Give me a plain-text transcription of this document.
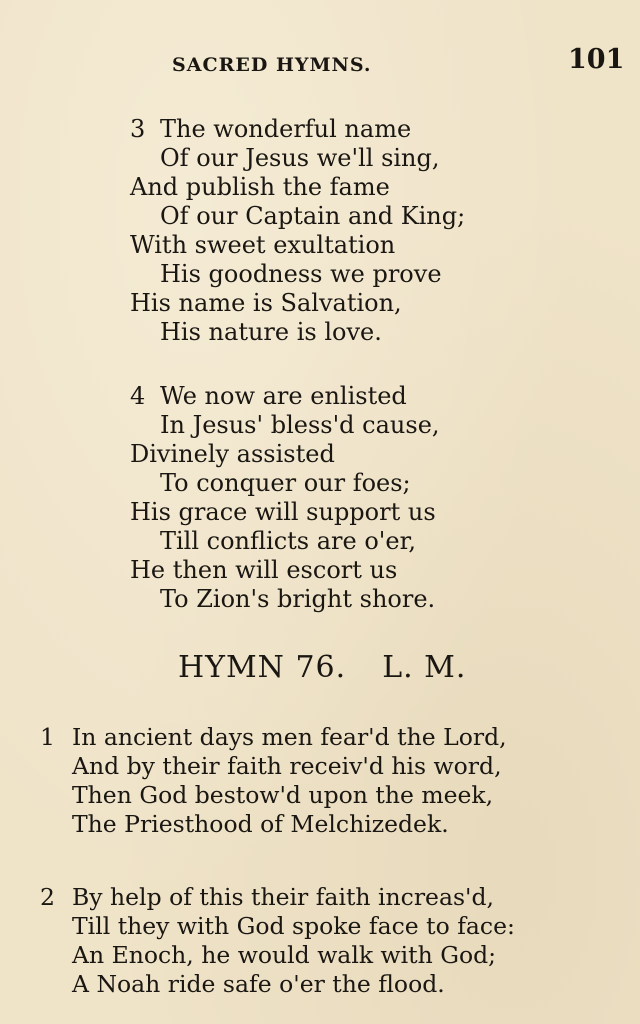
SACRED HYMNS.	101
3 The wonderful name
Of our Jesus we'll sing,
And publish the fame
Of our Captain and King;
With sweet exultation
His goodness we prove
His name is Salvation,
His nature is love.
4 We now are enlisted
In Jesus' bless'd cause,
Divinely assisted
To conquer our foes;
His grace will support us
Till conflicts are o'er,
He then will escort us
To Zion's bright shore.
HYMN 76. L. M.
1 In ancient days men fear'd the Lord,
And by their faith receiv'd his word,
Then God bestow'd upon the meek,
The Priesthood of Melchizedek.
2 By help of this their faith increas'd,
Till they with God spoke face to face:
An Enoch, he would walk with God;
A Noah ride safe o'er the flood.
